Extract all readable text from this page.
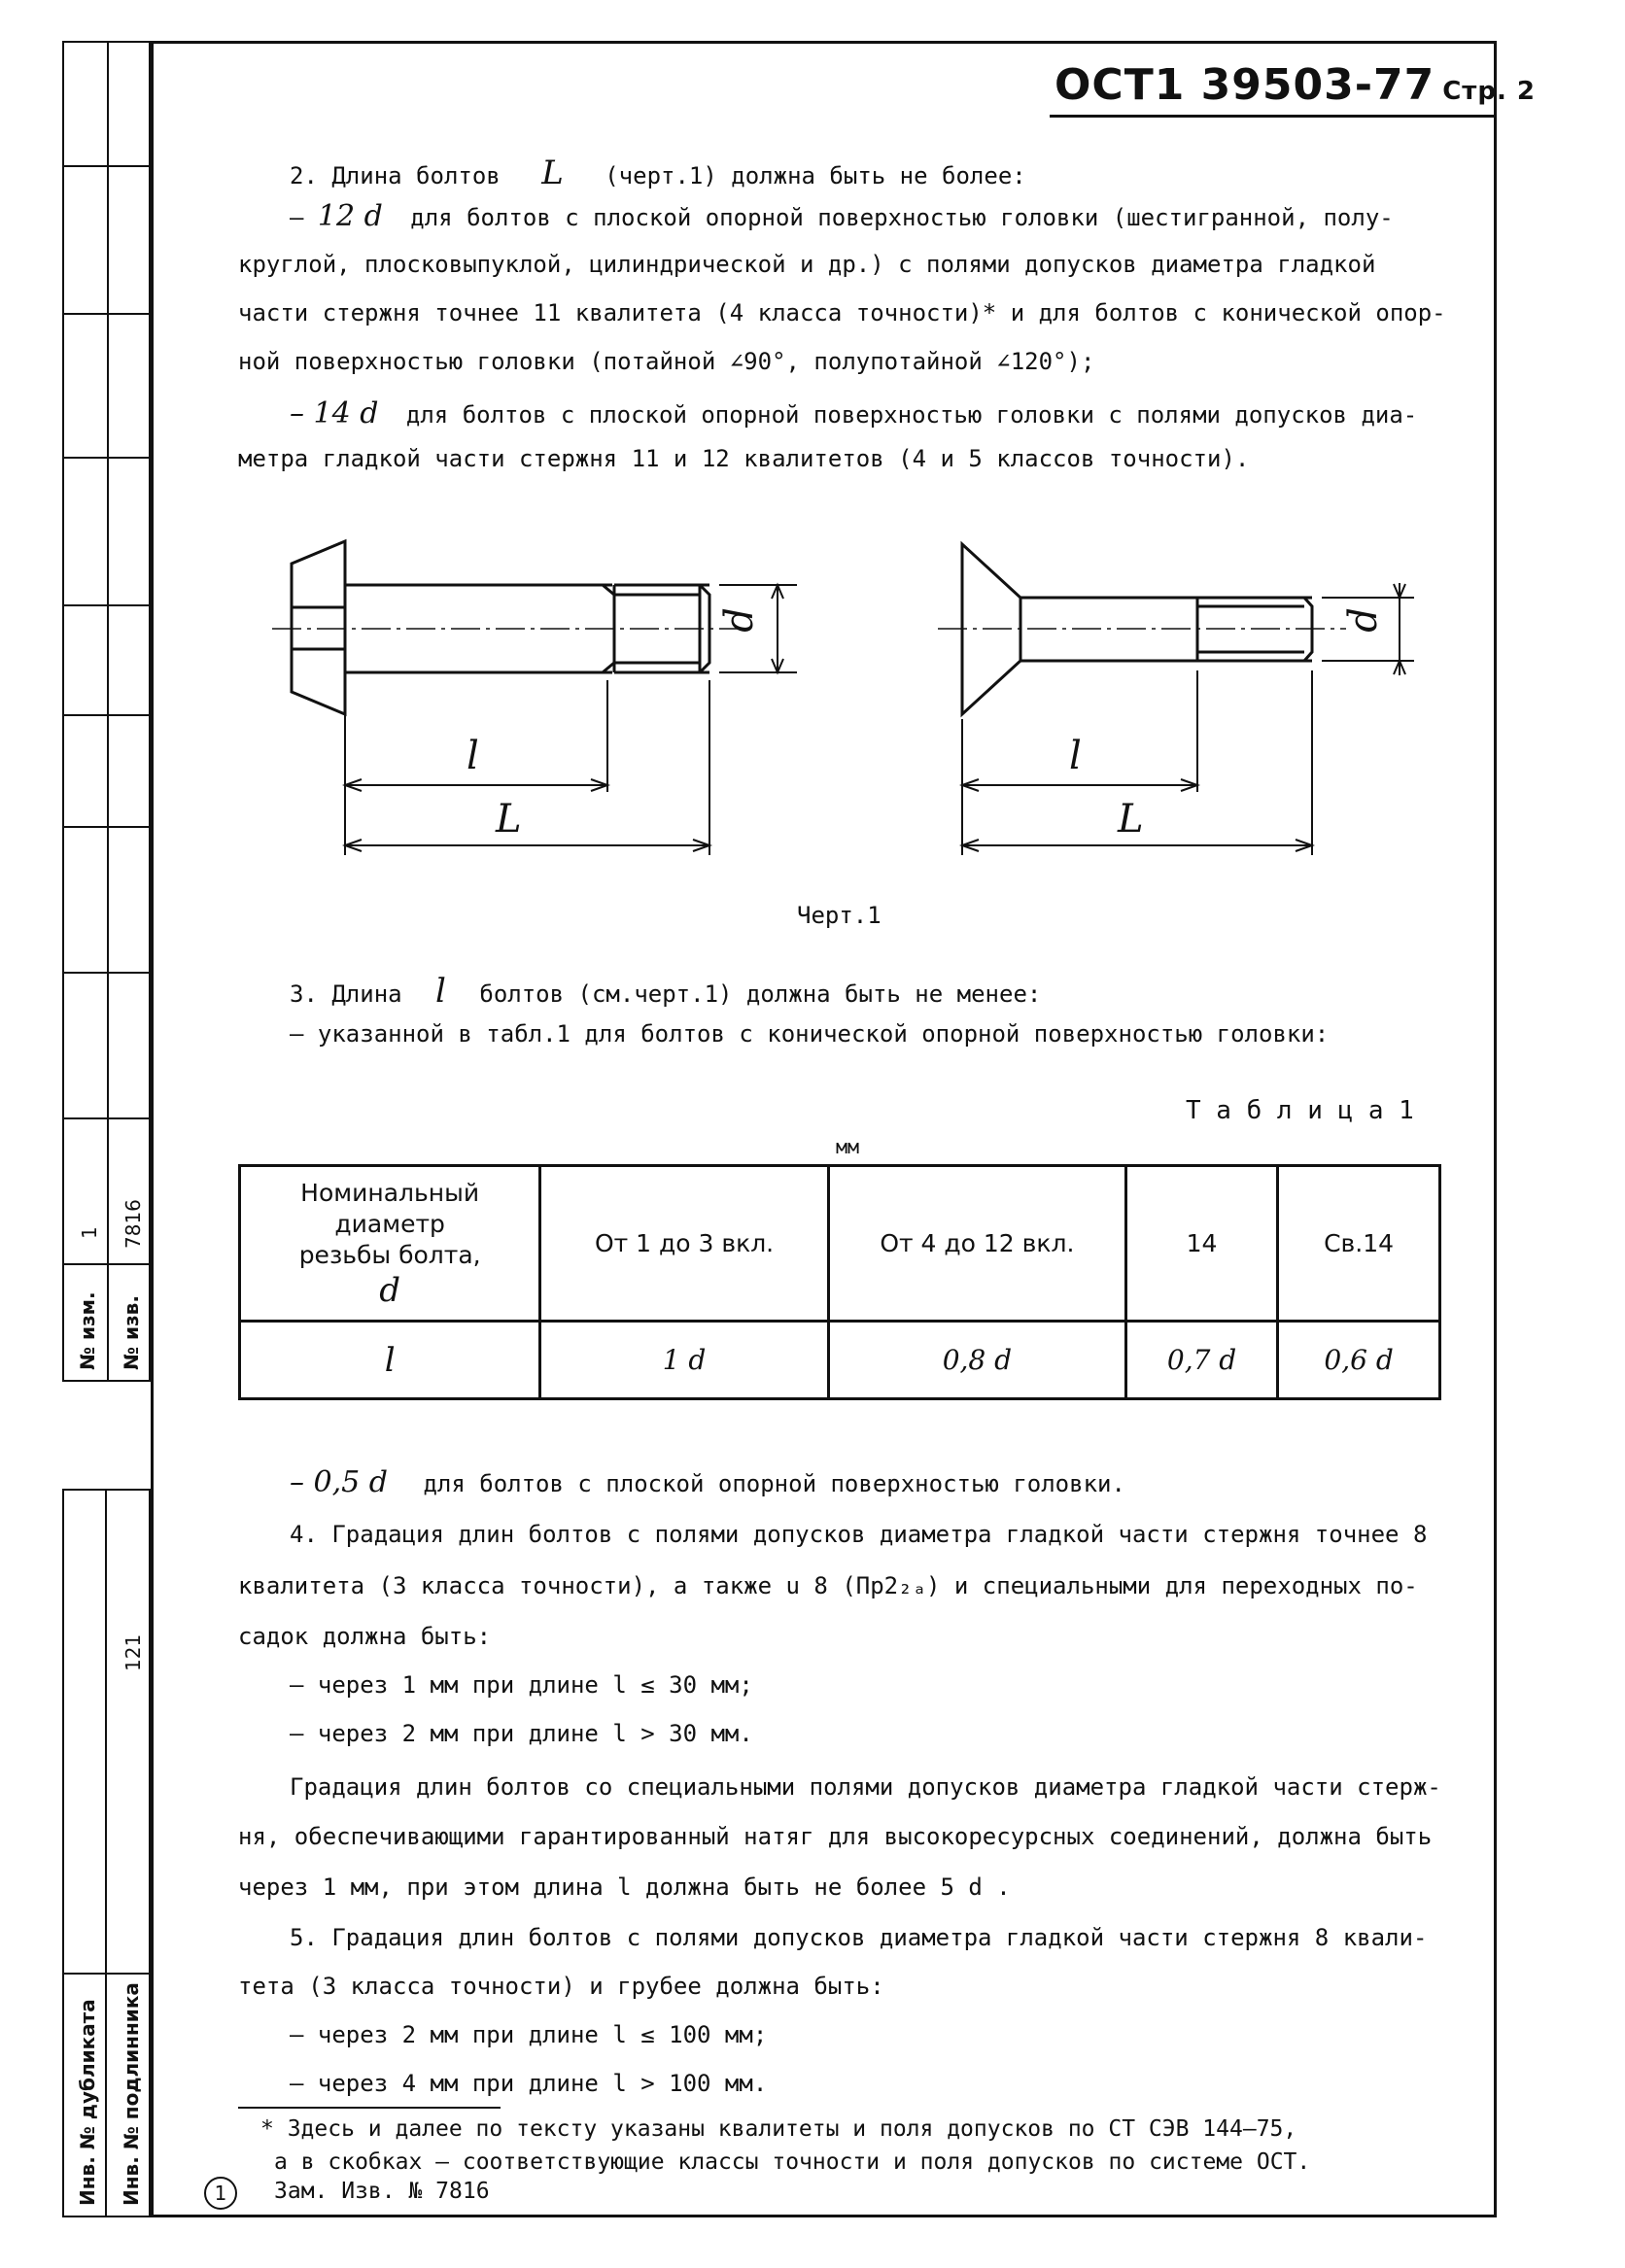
№ изм.
1
№ изв.
7816
Инв. № дубликата Инв. № подлинника
121
ОСТ1 39503-77 Стр. 2
2. Длина болтов L (черт.1) должна быть не более:
– 12 d для болтов с плоской опорной поверхностью головки (шестигранной, полу-
круглой, плосковыпуклой, цилиндрической и др.) с полями допусков диаметра гладкой
части стержня точнее 11 квалитета (4 класса точности)* и для болтов с конической опор-
ной поверхностью головки (потайной ∠90°, полупотайной ∠120°);
– 14 d для болтов с плоской опорной поверхностью головки с полями допусков диа-
метра гладкой части стержня 11 и 12 квалитетов (4 и 5 классов точности).
d	d
l	l
L	L
Черт.1
3. Длина l болтов (см.черт.1) должна быть не менее:
– указанной в табл.1 для болтов с конической опорной поверхностью головки:
Т а б л и ц а 1
мм
Номинальный диаметр резьбы болта,
d	От 1 до 3 вкл.	От 4 до 12 вкл.	14	Св.14
l	1 d	0,8 d	0,7 d	0,6 d
– 0,5 d для болтов с плоской опорной поверхностью головки.
4. Градация длин болтов с полями допусков диаметра гладкой части стержня точнее 8
квалитета (3 класса точности), а также u 8 (Пр2₂ₐ) и специальными для переходных по-
садок должна быть:
– через 1 мм при длине l ≤ 30 мм;
– через 2 мм при длине l > 30 мм.
Градация длин болтов со специальными полями допусков диаметра гладкой части стерж-
ня, обеспечивающими гарантированный натяг для высокоресурсных соединений, должна быть
через 1 мм, при этом длина l должна быть не более 5 d .
5. Градация длин болтов с полями допусков диаметра гладкой части стержня 8 квали-
тета (3 класса точности) и грубее должна быть:
– через 2 мм при длине l ≤ 100 мм;
– через 4 мм при длине l > 100 мм.
* Здесь и далее по тексту указаны квалитеты и поля допусков по СТ СЭВ 144–75,
а в скобках – соответствующие классы точности и поля допусков по системе ОСТ.
1	Зам. Изв. № 7816
